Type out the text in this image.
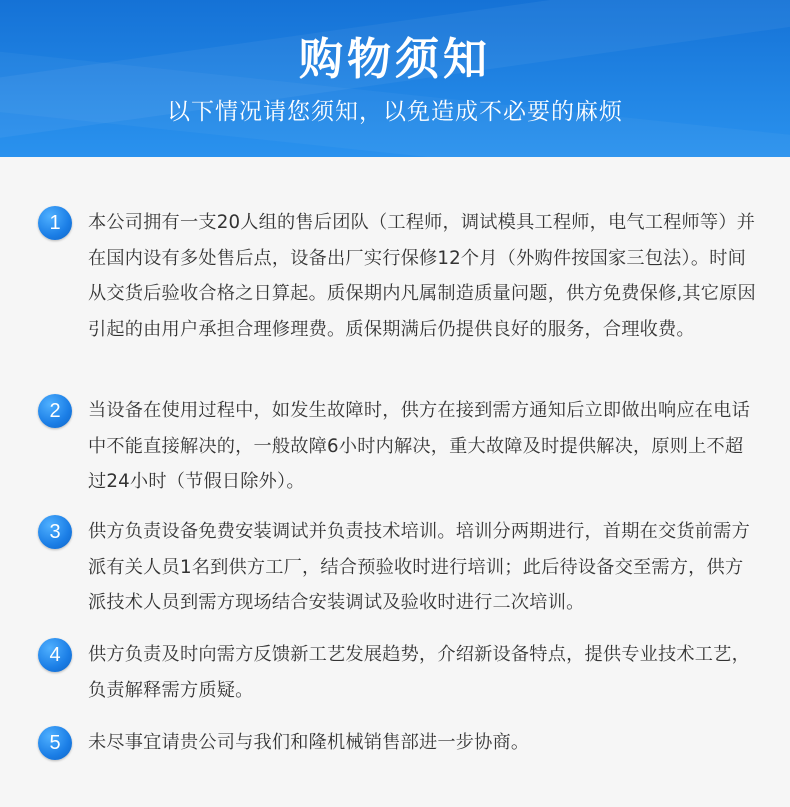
购物须知
以下情况请您须知，以免造成不必要的麻烦
1	本公司拥有一支20人组的售后团队（工程师，调试模具工程师，电气工程师等）并在国内设有多处售后点，设备出厂实行保修12个月（外购件按国家三包法）。时间从交货后验收合格之日算起。质保期内凡属制造质量问题，供方免费保修,其它原因引起的由用户承担合理修理费。质保期满后仍提供良好的服务，合理收费。
2	当设备在使用过程中，如发生故障时，供方在接到需方通知后立即做出响应在电话中不能直接解决的，一般故障6小时内解决，重大故障及时提供解决，原则上不超过24小时（节假日除外）。
3	供方负责设备免费安装调试并负责技术培训。培训分两期进行，首期在交货前需方派有关人员1名到供方工厂，结合预验收时进行培训；此后待设备交至需方，供方派技术人员到需方现场结合安装调试及验收时进行二次培训。
4	供方负责及时向需方反馈新工艺发展趋势，介绍新设备特点，提供专业技术工艺，负责解释需方质疑。
5	未尽事宜请贵公司与我们和隆机械销售部进一步协商。
